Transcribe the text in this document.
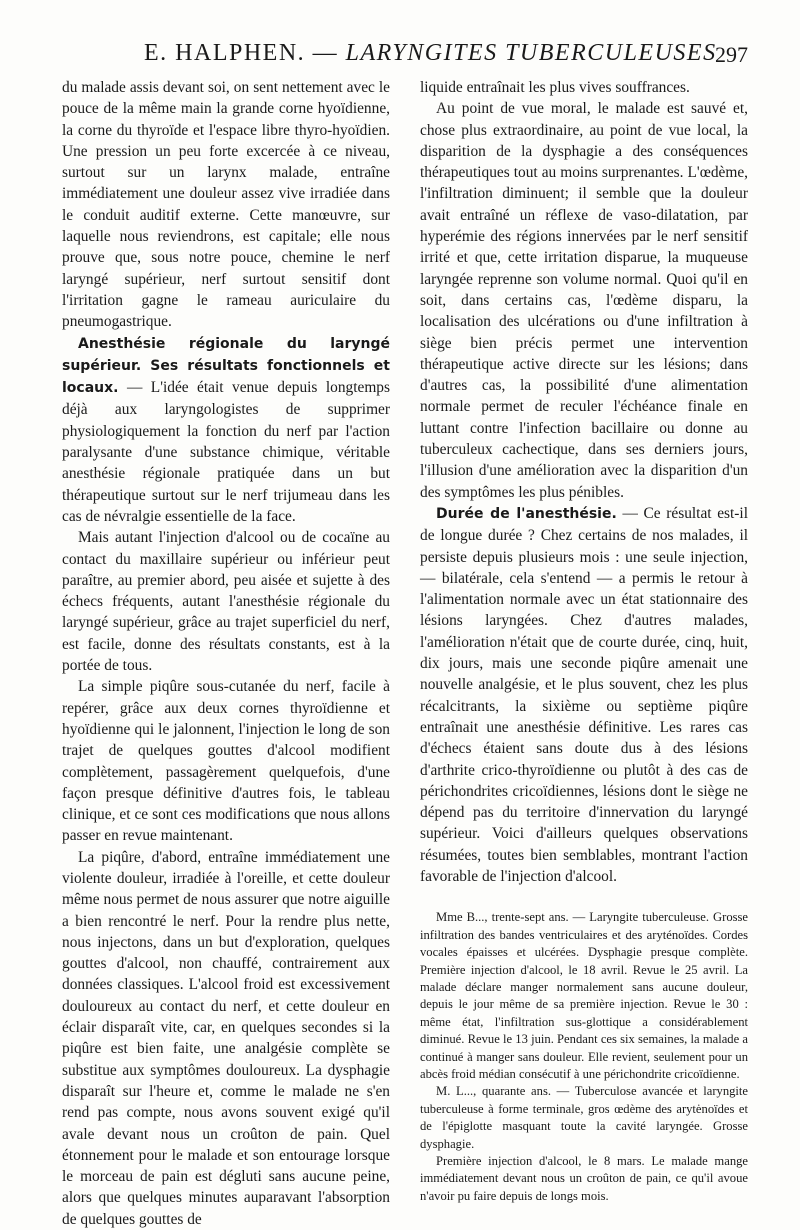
E. HALPHEN. — LARYNGITES TUBERCULEUSES
297

du malade assis devant soi, on sent nettement avec le pouce de la même main la grande corne hyoïdienne, la corne du thyroïde et l'espace libre thyro-hyoïdien. Une pression un peu forte excercée à ce niveau, surtout sur un larynx malade, entraîne immédiatement une douleur assez vive irradiée dans le conduit auditif externe. Cette manœuvre, sur laquelle nous reviendrons, est capitale; elle nous prouve que, sous notre pouce, chemine le nerf laryngé supérieur, nerf surtout sensitif dont l'irritation gagne le rameau auriculaire du pneumogastrique.

Anesthésie régionale du laryngé supérieur. Ses résultats fonctionnels et locaux. — L'idée était venue depuis longtemps déjà aux laryngologistes de supprimer physiologiquement la fonction du nerf par l'action paralysante d'une substance chimique, véritable anesthésie régionale pratiquée dans un but thérapeutique surtout sur le nerf trijumeau dans les cas de névralgie essentielle de la face.

Mais autant l'injection d'alcool ou de cocaïne au contact du maxillaire supérieur ou inférieur peut paraître, au premier abord, peu aisée et sujette à des échecs fréquents, autant l'anesthésie régionale du laryngé supérieur, grâce au trajet superficiel du nerf, est facile, donne des résultats constants, est à la portée de tous.

La simple piqûre sous-cutanée du nerf, facile à repérer, grâce aux deux cornes thyroïdienne et hyoïdienne qui le jalonnent, l'injection le long de son trajet de quelques gouttes d'alcool modifient complètement, passagèrement quelquefois, d'une façon presque définitive d'autres fois, le tableau clinique, et ce sont ces modifications que nous allons passer en revue maintenant.

La piqûre, d'abord, entraîne immédiatement une violente douleur, irradiée à l'oreille, et cette douleur même nous permet de nous assurer que notre aiguille a bien rencontré le nerf. Pour la rendre plus nette, nous injectons, dans un but d'exploration, quelques gouttes d'alcool, non chauffé, contrairement aux données classiques. L'alcool froid est excessivement douloureux au contact du nerf, et cette douleur en éclair disparaît vite, car, en quelques secondes si la piqûre est bien faite, une analgésie complète se substitue aux symptômes douloureux. La dysphagie disparaît sur l'heure et, comme le malade ne s'en rend pas compte, nous avons souvent exigé qu'il avale devant nous un croûton de pain. Quel étonnement pour le malade et son entourage lorsque le morceau de pain est dégluti sans aucune peine, alors que quelques minutes auparavant l'absorption de quelques gouttes de

liquide entraînait les plus vives souffrances.

Au point de vue moral, le malade est sauvé et, chose plus extraordinaire, au point de vue local, la disparition de la dysphagie a des conséquences thérapeutiques tout au moins surprenantes. L'œdème, l'infiltration diminuent; il semble que la douleur avait entraîné un réflexe de vaso-dilatation, par hyperémie des régions innervées par le nerf sensitif irrité et que, cette irritation disparue, la muqueuse laryngée reprenne son volume normal. Quoi qu'il en soit, dans certains cas, l'œdème disparu, la localisation des ulcérations ou d'une infiltration à siège bien précis permet une intervention thérapeutique active directe sur les lésions; dans d'autres cas, la possibilité d'une alimentation normale permet de reculer l'échéance finale en luttant contre l'infection bacillaire ou donne au tuberculeux cachectique, dans ses derniers jours, l'illusion d'une amélioration avec la disparition d'un des symptômes les plus pénibles.

Durée de l'anesthésie. — Ce résultat est-il de longue durée ? Chez certains de nos malades, il persiste depuis plusieurs mois : une seule injection, — bilatérale, cela s'entend — a permis le retour à l'alimentation normale avec un état stationnaire des lésions laryngées. Chez d'autres malades, l'amélioration n'était que de courte durée, cinq, huit, dix jours, mais une seconde piqûre amenait une nouvelle analgésie, et le plus souvent, chez les plus récalcitrants, la sixième ou septième piqûre entraînait une anesthésie définitive. Les rares cas d'échecs étaient sans doute dus à des lésions d'arthrite crico-thyroïdienne ou plutôt à des cas de périchondrites cricoïdiennes, lésions dont le siège ne dépend pas du territoire d'innervation du laryngé supérieur. Voici d'ailleurs quelques observations résumées, toutes bien semblables, montrant l'action favorable de l'injection d'alcool.

Mme B..., trente-sept ans. — Laryngite tuberculeuse. Grosse infiltration des bandes ventriculaires et des aryténoïdes. Cordes vocales épaisses et ulcérées. Dysphagie presque complète. Première injection d'alcool, le 18 avril. Revue le 25 avril. La malade déclare manger normalement sans aucune douleur, depuis le jour même de sa première injection. Revue le 30 : même état, l'infiltration sus-glottique a considérablement diminué. Revue le 13 juin. Pendant ces six semaines, la malade a continué à manger sans douleur. Elle revient, seulement pour un abcès froid médian consécutif à une périchondrite cricoïdienne.

M. L..., quarante ans. — Tuberculose avancée et laryngite tuberculeuse à forme terminale, gros œdème des arytėnoïdes et de l'épiglotte masquant toute la cavité laryngée. Grosse dysphagie.

Première injection d'alcool, le 8 mars. Le malade mange immédiatement devant nous un croûton de pain, ce qu'il avoue n'avoir pu faire depuis de longs mois.
